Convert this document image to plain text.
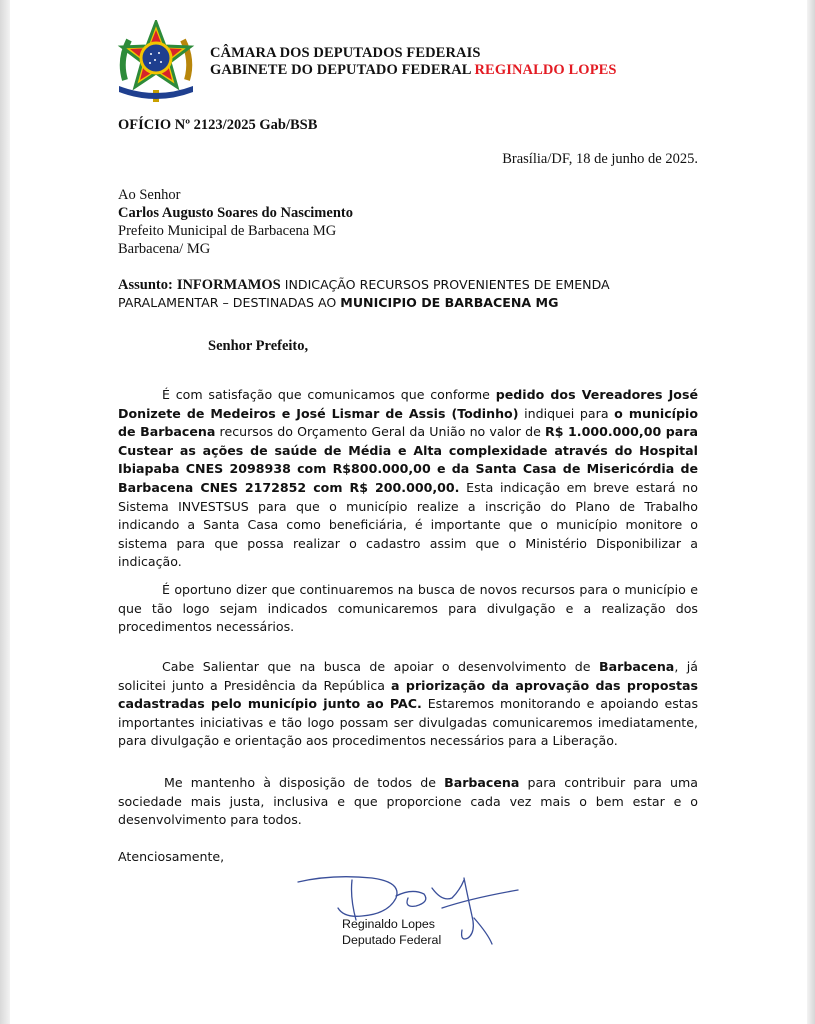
CÂMARA DOS DEPUTADOS FEDERAIS
GABINETE DO DEPUTADO FEDERAL REGINALDO LOPES
OFÍCIO Nº 2123/2025 Gab/BSB
Brasília/DF, 18 de junho de 2025.
Ao Senhor
Carlos Augusto Soares do Nascimento
Prefeito Municipal de Barbacena MG
Barbacena/ MG
Assunto: INFORMAMOS INDICAÇÃO RECURSOS PROVENIENTES DE EMENDA PARALAMENTAR – DESTINADAS AO MUNICIPIO DE BARBACENA MG
Senhor Prefeito,
É com satisfação que comunicamos que conforme pedido dos Vereadores José Donizete de Medeiros e José Lismar de Assis (Todinho) indiquei para o município de Barbacena recursos do Orçamento Geral da União no valor de R$ 1.000.000,00 para Custear as ações de saúde de Média e Alta complexidade através do Hospital Ibiapaba CNES 2098938 com R$800.000,00 e da Santa Casa de Misericórdia de Barbacena CNES 2172852 com R$ 200.000,00. Esta indicação em breve estará no Sistema INVESTSUS para que o município realize a inscrição do Plano de Trabalho indicando a Santa Casa como beneficiária, é importante que o município monitore o sistema para que possa realizar o cadastro assim que o Ministério Disponibilizar a indicação.
É oportuno dizer que continuaremos na busca de novos recursos para o município e que tão logo sejam indicados comunicaremos para divulgação e a realização dos procedimentos necessários.
Cabe Salientar que na busca de apoiar o desenvolvimento de Barbacena, já solicitei junto a Presidência da República a priorização da aprovação das propostas cadastradas pelo município junto ao PAC. Estaremos monitorando e apoiando estas importantes iniciativas e tão logo possam ser divulgadas comunicaremos imediatamente, para divulgação e orientação aos procedimentos necessários para a Liberação.
Me mantenho à disposição de todos de Barbacena para contribuir para uma sociedade mais justa, inclusiva e que proporcione cada vez mais o bem estar e o desenvolvimento para todos.
Atenciosamente,
Reginaldo Lopes
Deputado Federal
